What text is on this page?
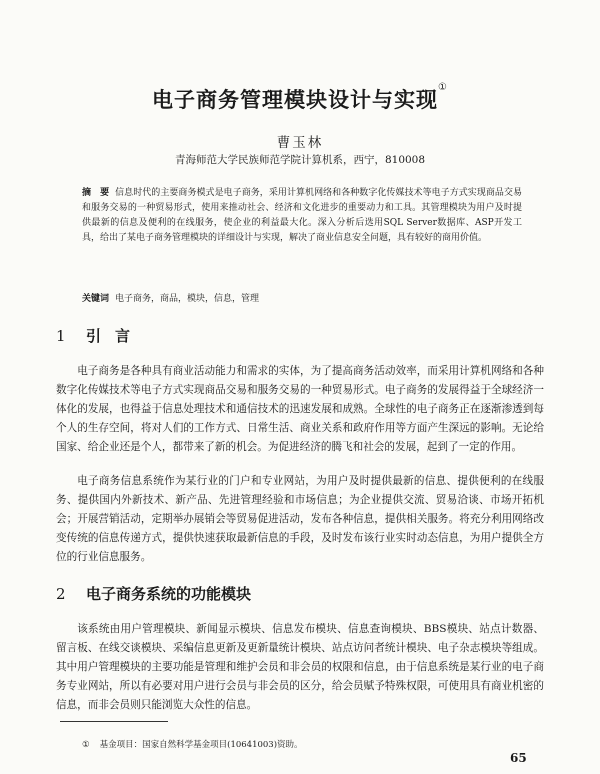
电子商务管理模块设计与实现①
曹玉林
青海师范大学民族师范学院计算机系，西宁，810008
摘　要 信息时代的主要商务模式是电子商务，采用计算机网络和各种数字化传媒技术等电子方式实现商品交易和服务交易的一种贸易形式，使用来推动社会、经济和文化进步的重要动力和工具。其管理模块为用户及时提供最新的信息及便利的在线服务，使企业的利益最大化。深入分析后选用SQL Server数据库、ASP开发工具，给出了某电子商务管理模块的详细设计与实现，解决了商业信息安全问题，具有较好的商用价值。
关键词 电子商务，商品，模块，信息，管理
1 引言
电子商务是各种具有商业活动能力和需求的实体，为了提高商务活动效率，而采用计算机网络和各种数字化传媒技术等电子方式实现商品交易和服务交易的一种贸易形式。电子商务的发展得益于全球经济一体化的发展，也得益于信息处理技术和通信技术的迅速发展和成熟。全球性的电子商务正在逐渐渗透到每个人的生存空间，将对人们的工作方式、日常生活、商业关系和政府作用等方面产生深远的影响。无论给国家、给企业还是个人，都带来了新的机会。为促进经济的腾飞和社会的发展，起到了一定的作用。
电子商务信息系统作为某行业的门户和专业网站，为用户及时提供最新的信息、提供便利的在线服务、提供国内外新技术、新产品、先进管理经验和市场信息；为企业提供交流、贸易洽谈、市场开拓机会；开展营销活动，定期举办展销会等贸易促进活动，发布各种信息，提供相关服务。将充分利用网络改变传统的信息传递方式，提供快速获取最新信息的手段，及时发布该行业实时动态信息，为用户提供全方位的行业信息服务。
2 电子商务系统的功能模块
该系统由用户管理模块、新闻显示模块、信息发布模块、信息查询模块、BBS模块、站点计数器、留言板、在线交谈模块、采编信息更新及更新量统计模块、站点访问者统计模块、电子杂志模块等组成。其中用户管理模块的主要功能是管理和维护会员和非会员的权限和信息，由于信息系统是某行业的电子商务专业网站，所以有必要对用户进行会员与非会员的区分，给会员赋予特殊权限，可使用具有商业机密的信息，而非会员则只能浏览大众性的信息。
① 基金项目：国家自然科学基金项目(10641003)资助。
65
